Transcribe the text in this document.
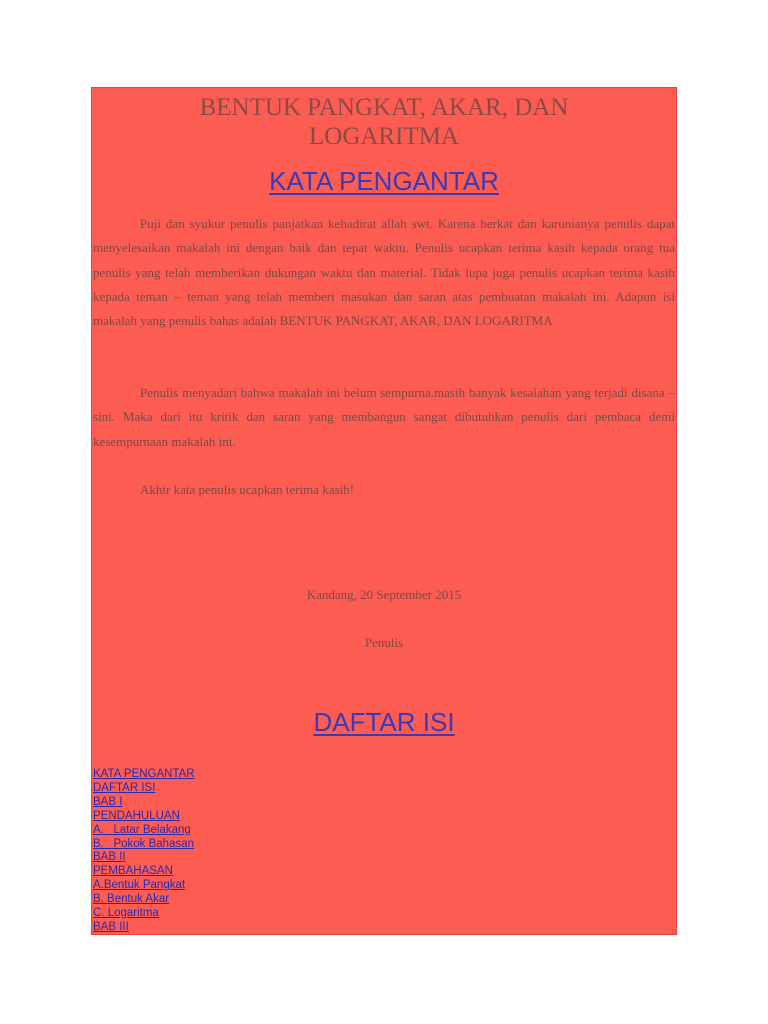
BENTUK PANGKAT, AKAR, DAN
LOGARITMA
KATA PENGANTAR

Puji dan syukur penulis panjatkan kehadirat allah swt. Karena berkat dan karunianya penulis dapat menyelesaikan makalah ini dengan baik dan tepat waktu. Penulis ucapkan terima kasih kepada orang tua penulis yang telah memberikan dukungan waktu dan material. Tidak lupa juga penulis ucapkan terima kasih kepada teman – teman yang telah memberi masukan dan saran atas pembuatan makalah ini. Adapun isi makalah yang penulis bahas adalah BENTUK PANGKAT, AKAR, DAN LOGARITMA

Penulis menyadari bahwa makalah ini belum sempurna.masih banyak kesalahan yang terjadi disana – sini. Maka dari itu kritik dan saran yang membangun sangat dibutuhkan penulis dari pembaca demi kesempurnaan makalah ini.

Akhir kata penulis ucapkan terima kasih!

Kandang, 20 September 2015

Penulis

DAFTAR ISI
KATA PENGANTAR
DAFTAR ISI
BAB I
PENDAHULUAN
A.   Latar Belakang
B.   Pokok Bahasan
BAB II
PEMBAHASAN
A.Bentuk Pangkat
B. Bentuk Akar
C. Logaritma
BAB III
